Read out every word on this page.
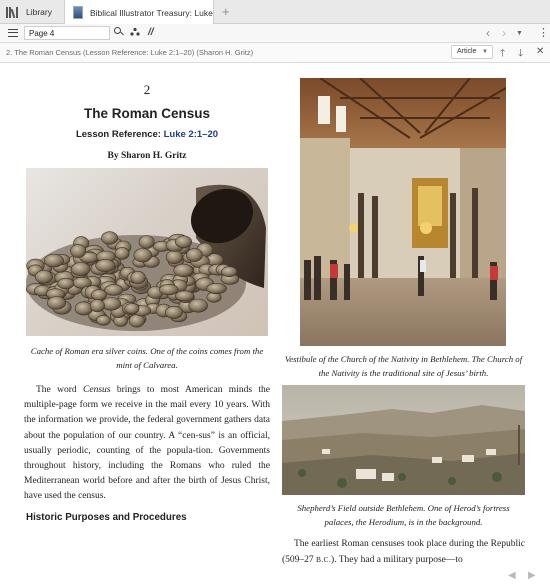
Library	Biblical Illustrator Treasury: Luke +
Page 4
//	‹ › ▼ ⋮
2. The Roman Census (Lesson Reference: Luke 2:1–20) (Sharon H. Gritz)	Article ▼ 🡑 🡓 ✕
2
The Roman Census
Lesson Reference: Luke 2:1–20
By Sharon H. Gritz
Cache of Roman era silver coins. One of the coins comes from the mint of Calvarea.
The word Census brings to most American minds the multiple-page form we receive in the mail every 10 years. With the information we provide, the federal government gathers data about the population of our country. A “cen-sus” is an official, usually periodic, counting of the popula-tion. Governments throughout history, including the Romans who ruled the Mediterranean world before and after the birth of Jesus Christ, have used the census.
Historic Purposes and Procedures
Vestibule of the Church of the Nativity in Bethlehem. The Church of the Nativity is the traditional site of Jesus’ birth.
Shepherd’s Field outside Bethlehem. One of Herod’s fortress palaces, the Herodium, is in the background.
The earliest Roman censuses took place during the Republic (509–27 B.C.). They had a military purpose—to
◀ ▶
